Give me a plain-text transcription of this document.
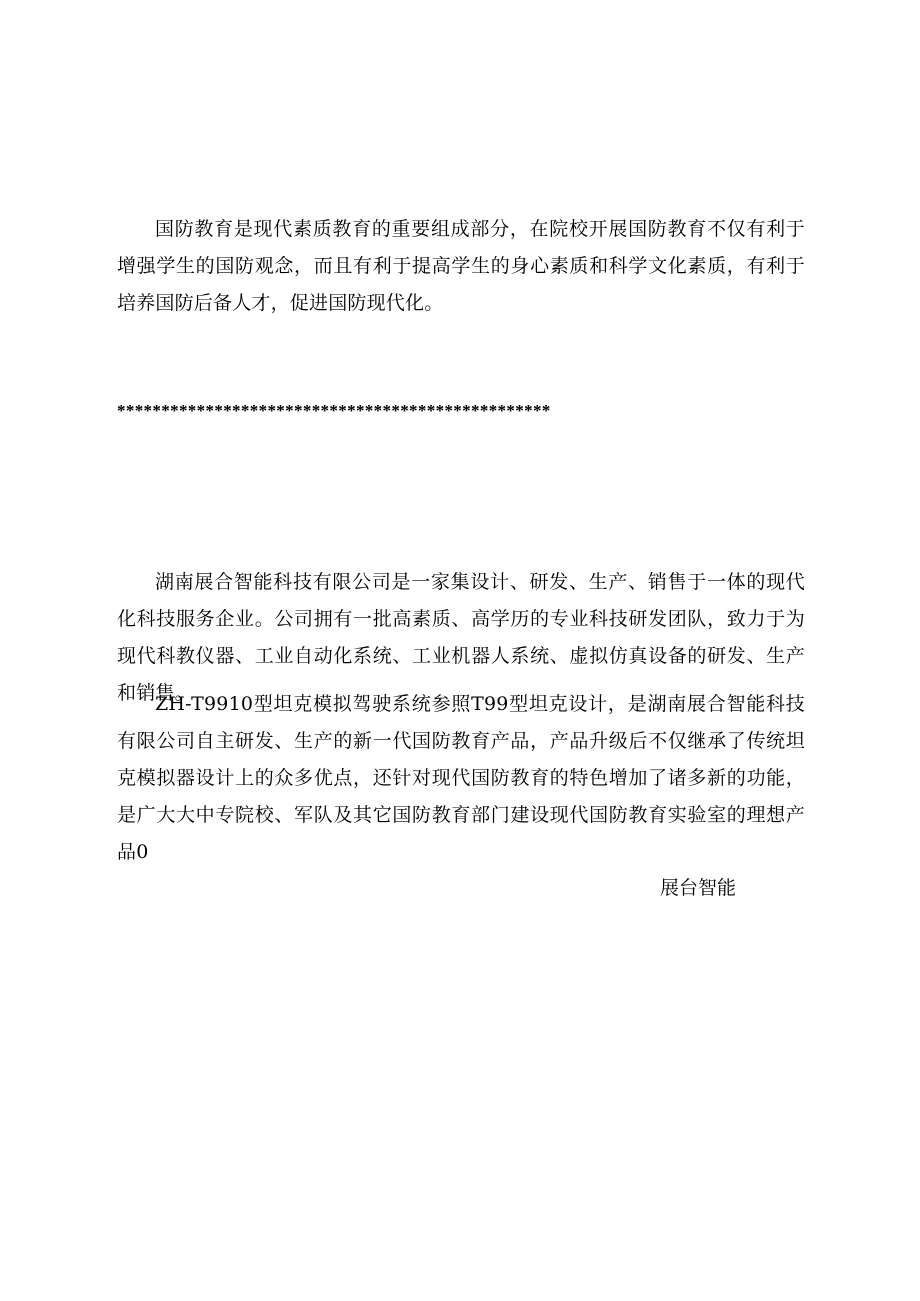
国防教育是现代素质教育的重要组成部分，在院校开展国防教育不仅有利于增强学生的国防观念，而且有利于提高学生的身心素质和科学文化素质，有利于培养国防后备人才，促进国防现代化。

*************************************************

湖南展合智能科技有限公司是一家集设计、研发、生产、销售于一体的现代化科技服务企业。公司拥有一批高素质、高学历的专业科技研发团队，致力于为现代科教仪器、工业自动化系统、工业机器人系统、虚拟仿真设备的研发、生产和销售。

ZH-T9910型坦克模拟驾驶系统参照T99型坦克设计，是湖南展合智能科技有限公司自主研发、生产的新一代国防教育产品，产品升级后不仅继承了传统坦克模拟器设计上的众多优点，还针对现代国防教育的特色增加了诸多新的功能，是广大大中专院校、军队及其它国防教育部门建设现代国防教育实验室的理想产品0

展台智能
